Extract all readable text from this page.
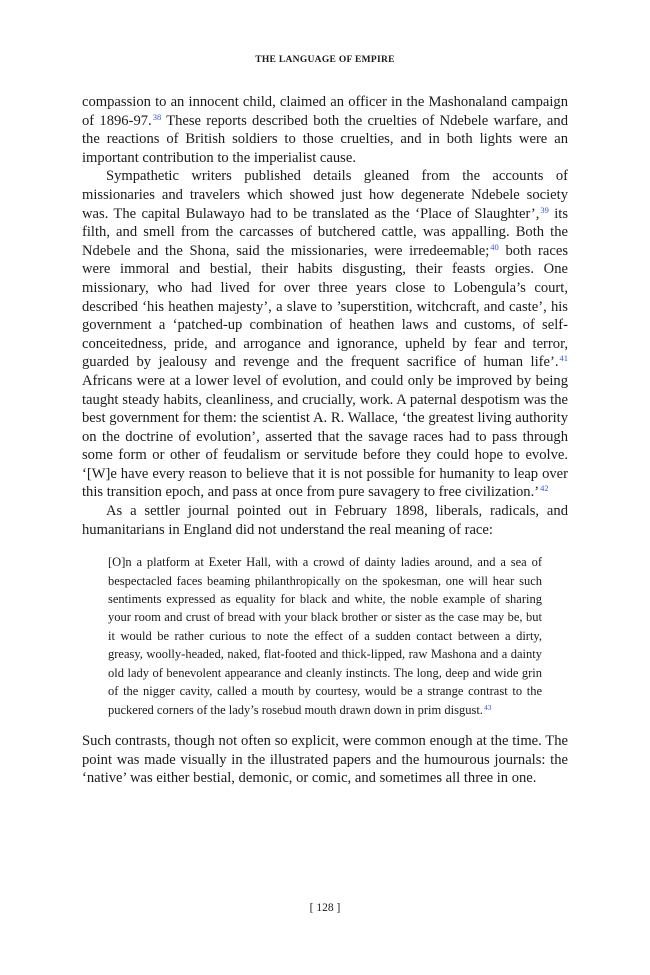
THE LANGUAGE OF EMPIRE

compassion to an innocent child, claimed an officer in the Mashonaland campaign of 1896-97.38 These reports described both the cruelties of Ndebele warfare, and the reactions of British soldiers to those cruelties, and in both lights were an important contribution to the imperialist cause.

Sympathetic writers published details gleaned from the accounts of missionaries and travelers which showed just how degenerate Ndebele society was. The capital Bulawayo had to be translated as the ‘Place of Slaughter’,$^{39}$ its filth, and smell from the carcasses of butchered cattle, was appalling. Both the Ndebele and the Shona, said the missionaries, were irredeemable;$^{40}$ both races were immoral and bestial, their habits disgusting, their feasts orgies. One missionary, who had lived for over three years close to Lobengula’s court, described ‘his heathen majesty’, a slave to ’superstition, witchcraft, and caste’, his government a ‘patched-up combination of heathen laws and customs, of self-conceitedness, pride, and arrogance and ignorance, upheld by fear and terror, guarded by jealousy and revenge and the frequent sacrifice of human life’.$^{41}$ Africans were at a lower level of evolution, and could only be improved by being taught steady habits, cleanliness, and crucially, work. A paternal despotism was the best government for them: the scientist A. R. Wallace, ‘the greatest living authority on the doctrine of evolution’, asserted that the savage races had to pass through some form or other of feudalism or servitude before they could hope to evolve. ‘[W]e have every reason to believe that it is not possible for humanity to leap over this transition epoch, and pass at once from pure savagery to free civilization.’$^{42}$

As a settler journal pointed out in February 1898, liberals, radicals, and humanitarians in England did not understand the real meaning of race:

[O]n a platform at Exeter Hall, with a crowd of dainty ladies around, and a sea of bespectacled faces beaming philanthropically on the spokesman, one will hear such sentiments expressed as equality for black and white, the noble example of sharing your room and crust of bread with your black brother or sister as the case may be, but it would be rather curious to note the effect of a sudden contact between a dirty, greasy, woolly-headed, naked, flat-footed and thick-lipped, raw Mashona and a dainty old lady of benevolent appearance and cleanly instincts. The long, deep and wide grin of the nigger cavity, called a mouth by courtesy, would be a strange contrast to the puckered corners of the lady’s rosebud mouth drawn down in prim disgust.$^{43}$

Such contrasts, though not often so explicit, were common enough at the time. The point was made visually in the illustrated papers and the humourous journals: the ‘native’ was either bestial, demonic, or comic, and sometimes all three in one.

[ 128 ]
